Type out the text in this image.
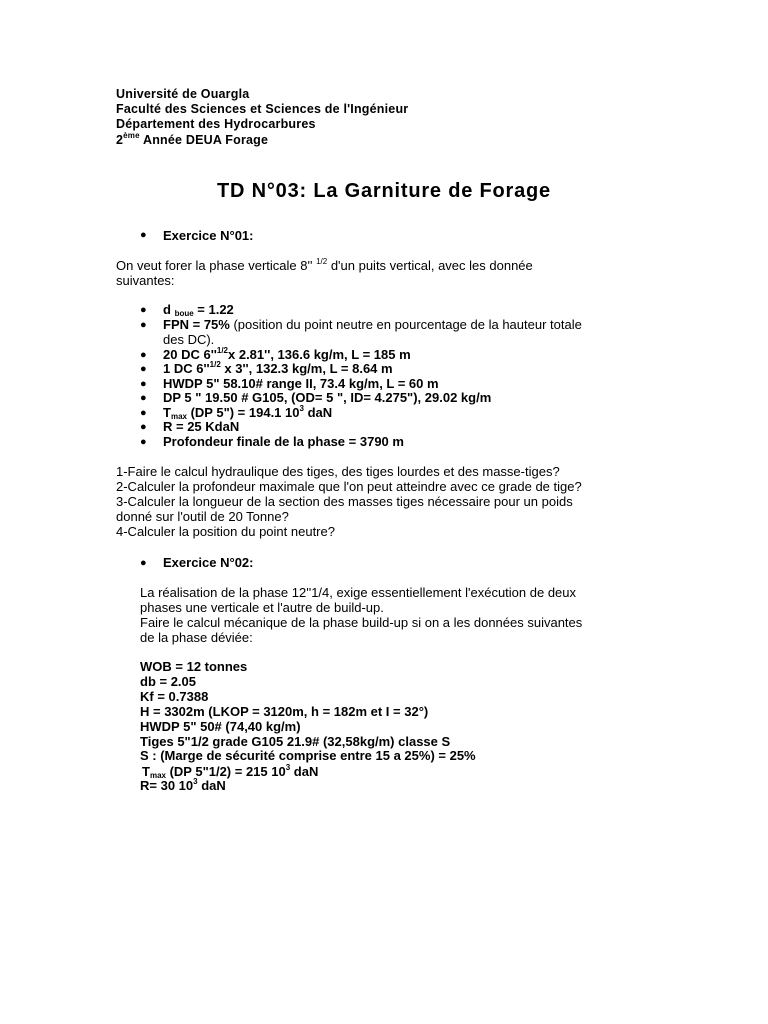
Université de Ouargla
Faculté des Sciences et Sciences de l'Ingénieur
Département des Hydrocarbures
2ème Année DEUA Forage
TD N°03: La Garniture de Forage
● Exercice N°01:
On veut forer la phase verticale 8'' $^{1/2}$ d'un puits vertical, avec les donnée
suivantes:
● d $_{boue}$ = 1.22
● FPN = 75% (position du point neutre en pourcentage de la hauteur totale
des DC).
● 20 DC $6''^{1/2}x$ 2.81'', 136.6 kg/m, L = 185 m
● 1 DC $6''^{1/2}$ x 3'', 132.3 kg/m, L = 8.64 m
● HWDP 5" 58.10# range II, 73.4 kg/m, L = 60 m
● DP 5 " 19.50 # G105, (OD= 5 ", ID= 4.275"), 29.02 kg/m
● $T_{max}$ (DP 5") = 194.1 $10^3$ daN
● R = 25 KdaN
● Profondeur finale de la phase = 3790 m
1-Faire le calcul hydraulique des tiges, des tiges lourdes et des masse-tiges?
2-Calculer la profondeur maximale que l'on peut atteindre avec ce grade de tige?
3-Calculer la longueur de la section des masses tiges nécessaire pour un poids
donné sur l'outil de 20 Tonne?
4-Calculer la position du point neutre?
● Exercice N°02:
La réalisation de la phase 12''1/4, exige essentiellement l'exécution de deux
phases une verticale et l'autre de build-up.
Faire le calcul mécanique de la phase build-up si on a les données suivantes
de la phase déviée:
WOB = 12 tonnes
db = 2.05
Kf = 0.7388
H = 3302m (LKOP = 3120m, h = 182m et I = 32°)
HWDP 5" 50# (74,40 kg/m)
Tiges 5"1/2 grade G105 21.9# (32,58kg/m) classe S
S : (Marge de sécurité comprise entre 15 a 25%) = 25%
$T_{max}$ (DP 5"1/2) = 215 $10^3$ daN
R= 30 $10^3$ daN
